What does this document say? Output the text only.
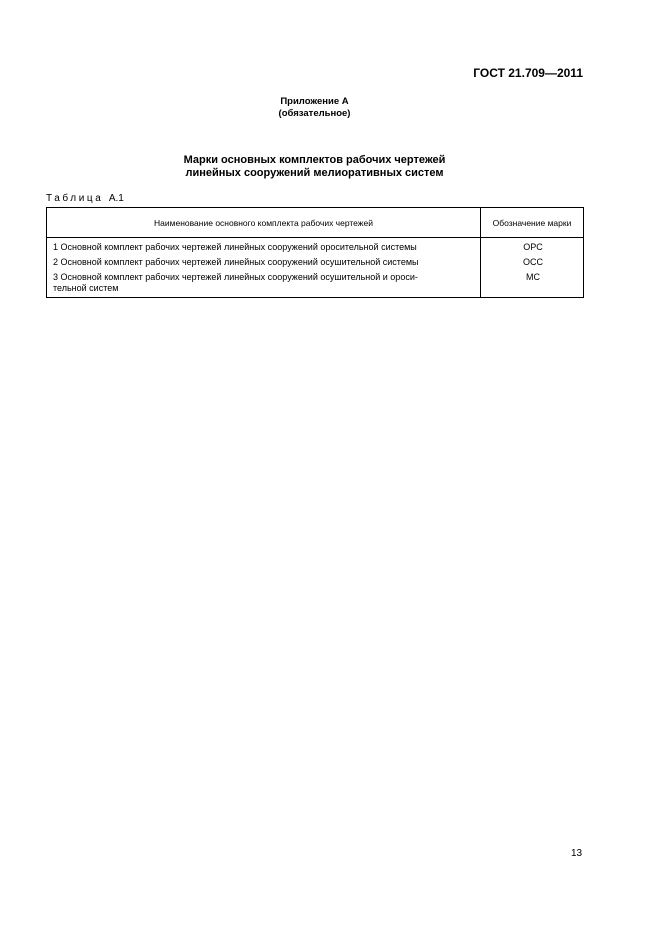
ГОСТ 21.709—2011
Приложение А
(обязательное)
Марки основных комплектов рабочих чертежей
линейных сооружений мелиоративных систем
Таблица А.1
Наименование основного комплекта рабочих чертежей	Обозначение марки
1 Основной комплект рабочих чертежей линейных сооружений оросительной системы	ОРС
2 Основной комплект рабочих чертежей линейных сооружений осушительной системы	ОСС

3 Основной комплект рабочих чертежей линейных сооружений осушительной и ороси-
тельной систем	МС
13
